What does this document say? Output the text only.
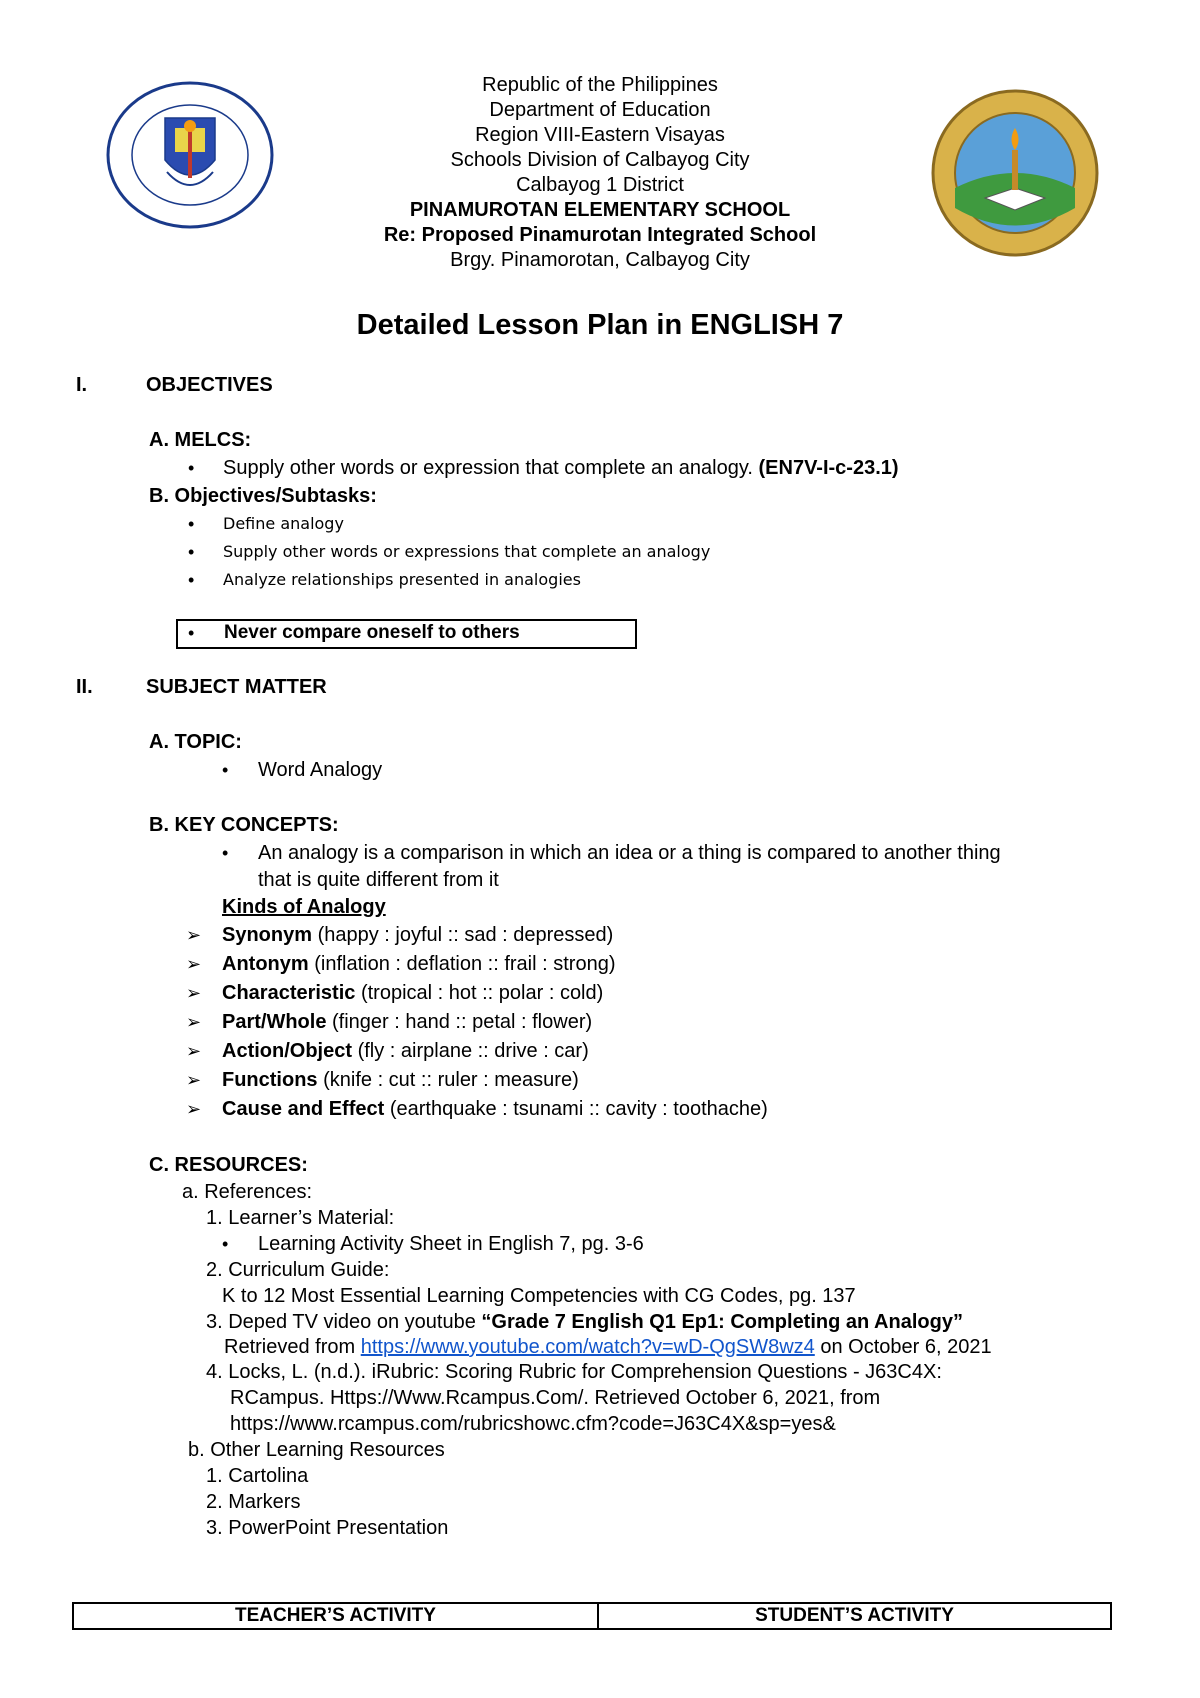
Republic of the Philippines
Department of Education
Region VIII-Eastern Visayas
Schools Division of Calbayog City
Calbayog 1 District
PINAMUROTAN ELEMENTARY SCHOOL
Re: Proposed Pinamurotan Integrated School
Brgy. Pinamorotan, Calbayog City
Detailed Lesson Plan in ENGLISH 7
I.	OBJECTIVES
A. MELCS:
• Supply other words or expression that complete an analogy. (EN7V-I-c-23.1)
B. Objectives/Subtasks:
• Define analogy
• Supply other words or expressions that complete an analogy
• Analyze relationships presented in analogies
• Never compare oneself to others
II.	SUBJECT MATTER
A. TOPIC:
• Word Analogy
B. KEY CONCEPTS:
• An analogy is a comparison in which an idea or a thing is compared to another thing
that is quite different from it
Kinds of Analogy
➢ Synonym (happy : joyful :: sad : depressed)
➢ Antonym (inflation : deflation :: frail : strong)
➢ Characteristic (tropical : hot :: polar : cold)
➢ Part/Whole (finger : hand :: petal : flower)
➢ Action/Object (fly : airplane :: drive : car)
➢ Functions (knife : cut :: ruler : measure)
➢ Cause and Effect (earthquake : tsunami :: cavity : toothache)
C. RESOURCES:
a. References:
1. Learner’s Material:
• Learning Activity Sheet in English 7, pg. 3-6
2. Curriculum Guide:
K to 12 Most Essential Learning Competencies with CG Codes, pg. 137
3. Deped TV video on youtube “Grade 7 English Q1 Ep1: Completing an Analogy”
Retrieved from https://www.youtube.com/watch?v=wD-QgSW8wz4 on October 6, 2021
4. Locks, L. (n.d.). iRubric: Scoring Rubric for Comprehension Questions - J63C4X:
RCampus. Https://Www.Rcampus.Com/. Retrieved October 6, 2021, from
https://www.rcampus.com/rubricshowc.cfm?code=J63C4X&sp=yes&
b. Other Learning Resources
1. Cartolina
2. Markers
3. PowerPoint Presentation
TEACHER’S ACTIVITY	STUDENT’S ACTIVITY
